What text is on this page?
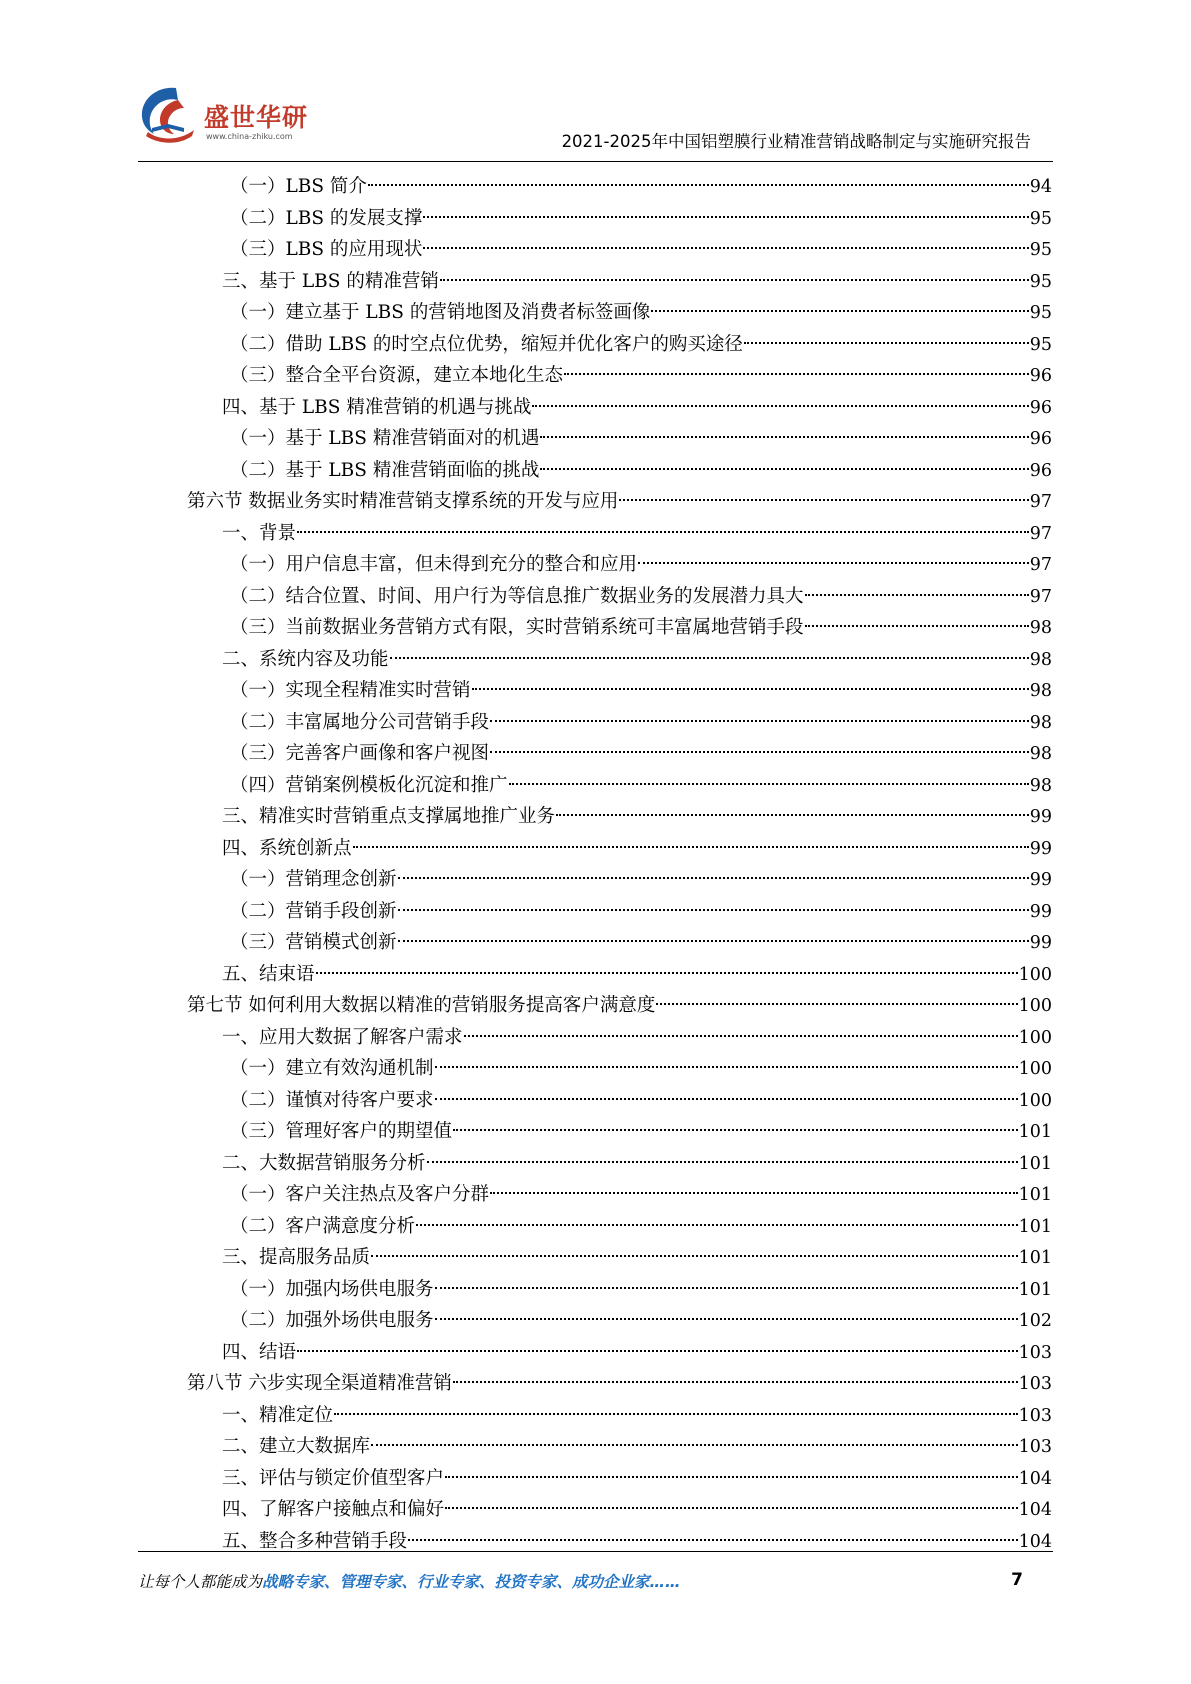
盛世华研
www.china-zhiku.com	2021-2025年中国铝塑膜行业精准营销战略制定与实施研究报告
（一）LBS 简介	94
（二）LBS 的发展支撑	95
（三）LBS 的应用现状	95
三、基于 LBS 的精准营销	95
（一）建立基于 LBS 的营销地图及消费者标签画像	95
（二）借助 LBS 的时空点位优势，缩短并优化客户的购买途径	95
（三）整合全平台资源，建立本地化生态	96
四、基于 LBS 精准营销的机遇与挑战	96
（一）基于 LBS 精准营销面对的机遇	96
（二）基于 LBS 精准营销面临的挑战	96
第六节 数据业务实时精准营销支撑系统的开发与应用	97
一、背景	97
（一）用户信息丰富，但未得到充分的整合和应用	97
（二）结合位置、时间、用户行为等信息推广数据业务的发展潜力具大	97
（三）当前数据业务营销方式有限，实时营销系统可丰富属地营销手段	98
二、系统内容及功能	98
（一）实现全程精准实时营销	98
（二）丰富属地分公司营销手段	98
（三）完善客户画像和客户视图	98
（四）营销案例模板化沉淀和推广	98
三、精准实时营销重点支撑属地推广业务	99
四、系统创新点	99
（一）营销理念创新	99
（二）营销手段创新	99
（三）营销模式创新	99
五、结束语	100
第七节 如何利用大数据以精准的营销服务提高客户满意度	100
一、应用大数据了解客户需求	100
（一）建立有效沟通机制	100
（二）谨慎对待客户要求	100
（三）管理好客户的期望值	101
二、大数据营销服务分析	101
（一）客户关注热点及客户分群	101
（二）客户满意度分析	101
三、提高服务品质	101
（一）加强内场供电服务	101
（二）加强外场供电服务	102
四、结语	103
第八节 六步实现全渠道精准营销	103
一、精准定位	103
二、建立大数据库	103
三、评估与锁定价值型客户	104
四、了解客户接触点和偏好	104
五、整合多种营销手段	104
让每个人都能成为战略专家、管理专家、行业专家、投资专家、成功企业家……	7
